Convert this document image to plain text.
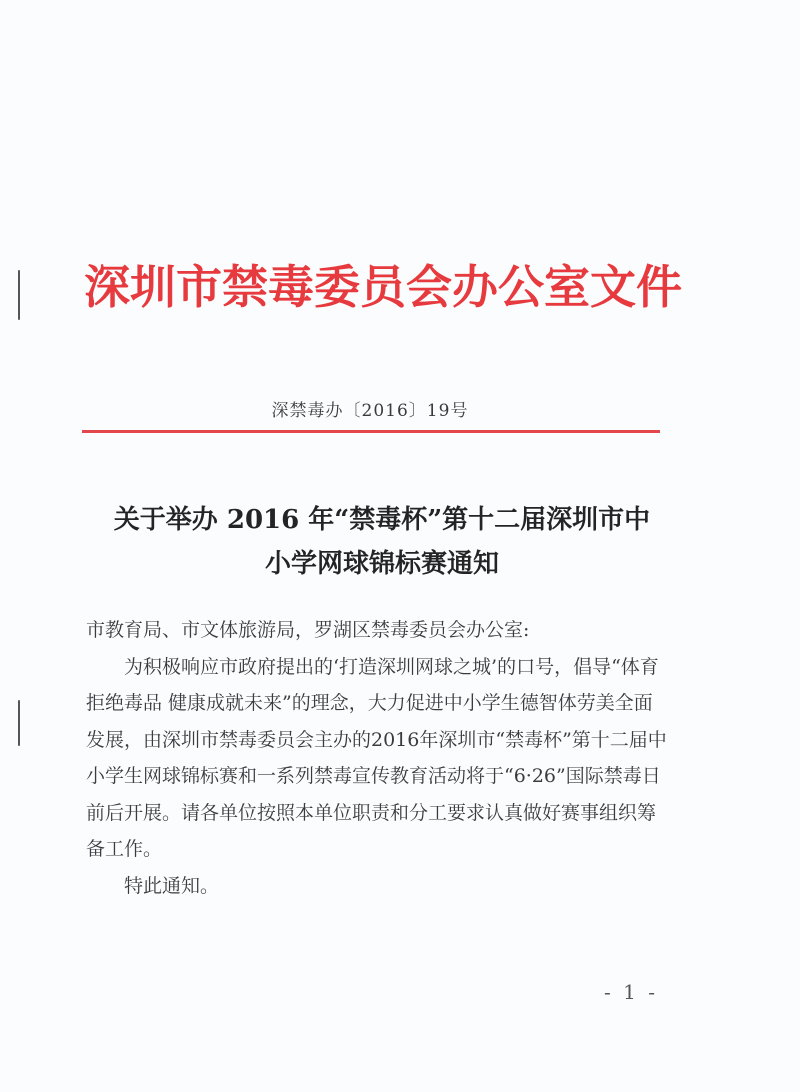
深圳市禁毒委员会办公室文件
深禁毒办〔2016〕19号
关于举办 2016 年“禁毒杯”第十二届深圳市中
小学网球锦标赛通知

市教育局、市文体旅游局，罗湖区禁毒委员会办公室:

为积极响应市政府提出的‘打造深圳网球之城’的口号，倡导“体育拒绝毒品 健康成就未来”的理念，大力促进中小学生德智体劳美全面发展，由深圳市禁毒委员会主办的2016年深圳市“禁毒杯”第十二届中小学生网球锦标赛和一系列禁毒宣传教育活动将于“6·26”国际禁毒日前后开展。请各单位按照本单位职责和分工要求认真做好赛事组织筹备工作。

特此通知。

- 1 -
